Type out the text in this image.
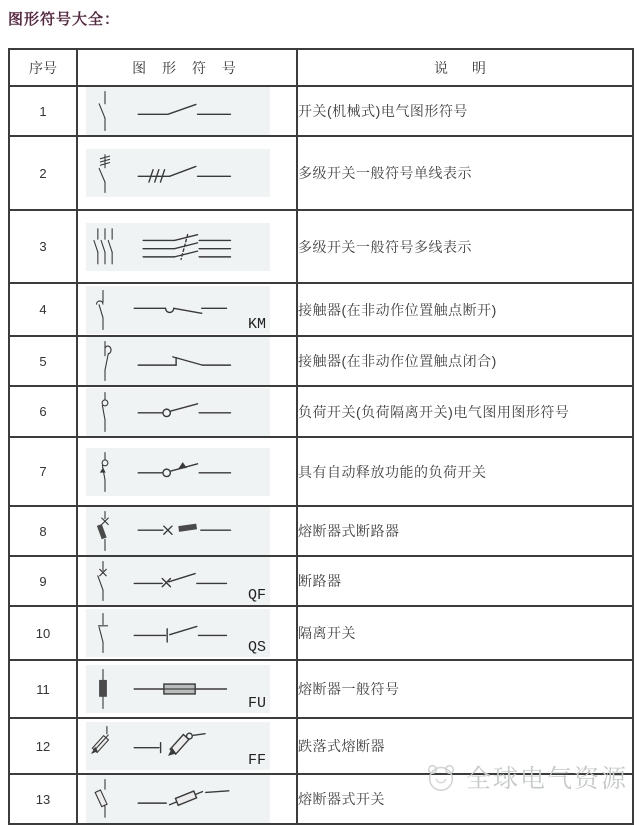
图形符号大全：
序号	图 形 符 号	说 明
1		开关(机械式)电气图形符号
2		多级开关一般符号单线表示
3		多级开关一般符号多线表示
4	KM	接触器(在非动作位置触点断开)
5		接触器(在非动作位置触点闭合)
6		负荷开关(负荷隔离开关)电气图用图形符号
7		具有自动释放功能的负荷开关
8		熔断器式断路器
9	QF	断路器
10	QS	隔离开关
11	FU	熔断器一般符号
12	FF	跌落式熔断器
13		熔断器式开关
全球电气资源
